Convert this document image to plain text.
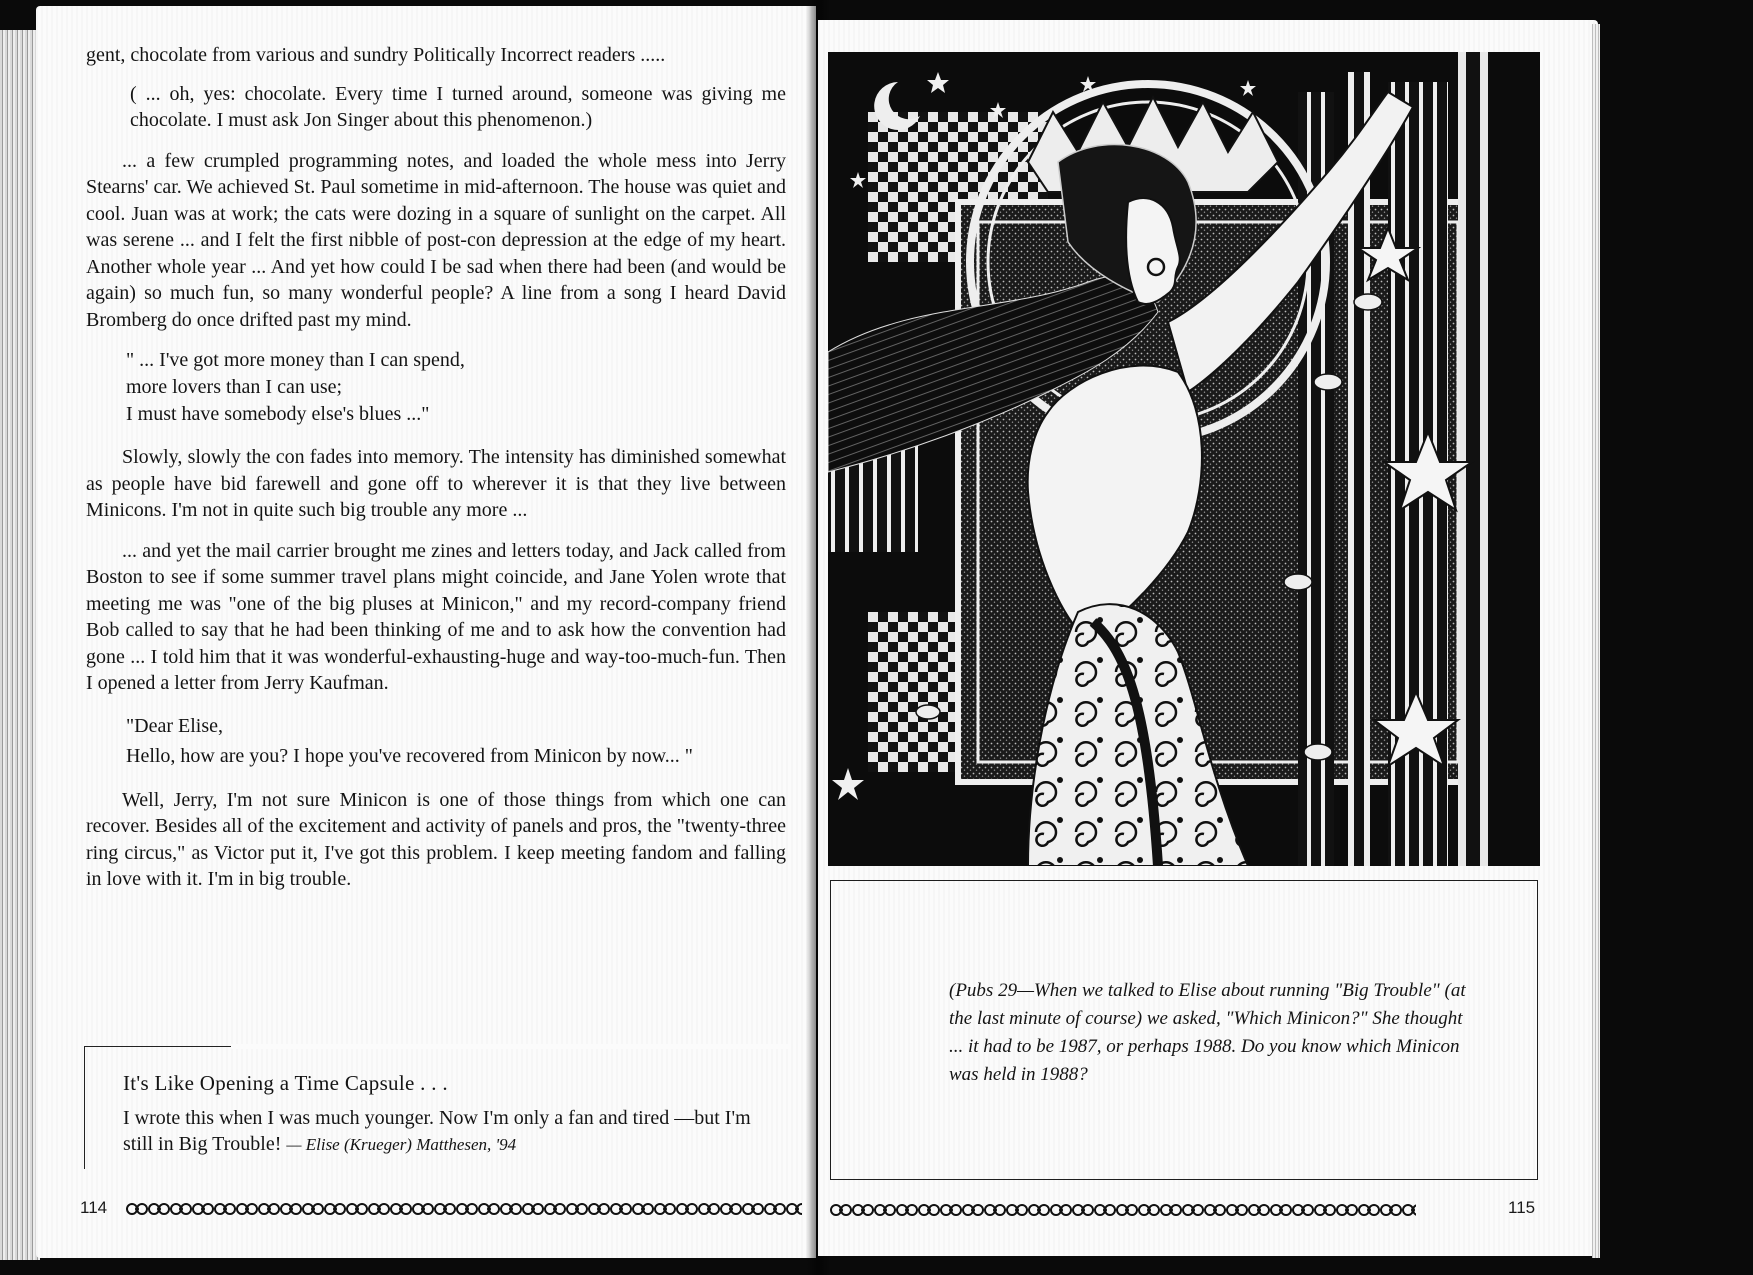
gent, chocolate from various and sundry Politically Incorrect readers .....

( ... oh, yes: chocolate. Every time I turned around, someone was giving me chocolate. I must ask Jon Singer about this phenomenon.)

... a few crumpled programming notes, and loaded the whole mess into Jerry Stearns' car. We achieved St. Paul sometime in mid-afternoon. The house was quiet and cool. Juan was at work; the cats were dozing in a square of sunlight on the carpet. All was serene ... and I felt the first nibble of post-con depression at the edge of my heart. Another whole year ... And yet how could I be sad when there had been (and would be again) so much fun, so many wonderful people? A line from a song I heard David Bromberg do once drifted past my mind.

" ... I've got more money than I can spend,
more lovers than I can use;
I must have somebody else's blues ..."

Slowly, slowly the con fades into memory. The intensity has diminished somewhat as people have bid farewell and gone off to wherever it is that they live between Minicons. I'm not in quite such big trouble any more ...

... and yet the mail carrier brought me zines and letters today, and Jack called from Boston to see if some summer travel plans might coincide, and Jane Yolen wrote that meeting me was "one of the big pluses at Minicon," and my record-company friend Bob called to say that he had been thinking of me and to ask how the convention had gone ... I told him that it was wonderful-exhausting-huge and way-too-much-fun. Then I opened a letter from Jerry Kaufman.

"Dear Elise,
Hello, how are you? I hope you've recovered from Minicon by now... "

Well, Jerry, I'm not sure Minicon is one of those things from which one can recover. Besides all of the excitement and activity of panels and pros, the "twenty-three ring circus," as Victor put it, I've got this problem. I keep meeting fandom and falling in love with it. I'm in big trouble.

It's Like Opening a Time Capsule . . .
I wrote this when I was much younger. Now I'm only a fan and tired —but I'm still in Big Trouble! — Elise (Krueger) Matthesen, '94
114
(Pubs 29—When we talked to Elise about running "Big Trouble" (at the last minute of course) we asked, "Which Minicon?" She thought ... it had to be 1987, or perhaps 1988. Do you know which Minicon was held in 1988?
115
